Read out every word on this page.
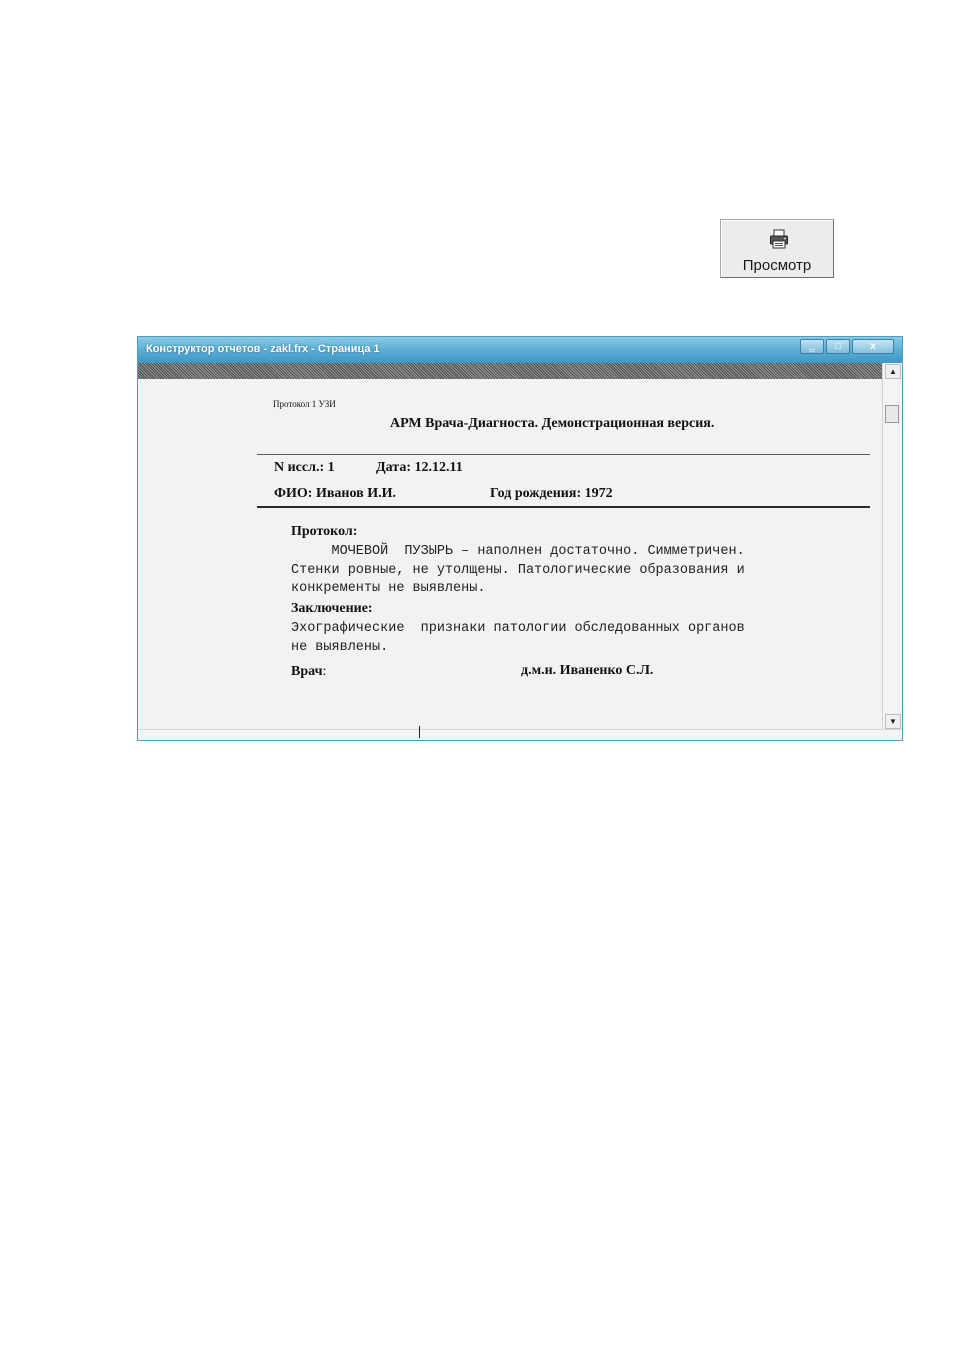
Просмотр
Конструктор отчетов - zakl.frx - Страница 1	‗	□	x
Протокол 1 УЗИ
АРМ Врача-Диагноста. Демонстрационная версия.
N иссл.: 1	Дата: 12.12.11
ФИО: Иванов И.И.	Год рождения: 1972
Протокол:
МОЧЕВОЙ  ПУЗЫРЬ – наполнен достаточно. Симметричен.
Стенки ровные, не утолщены. Патологические образования и
конкременты не выявлены.
Заключение:
Эхографические  признаки патологии обследованных органов
не выявлены.
Врач:	д.м.н. Иваненко С.Л.
▲
▼
